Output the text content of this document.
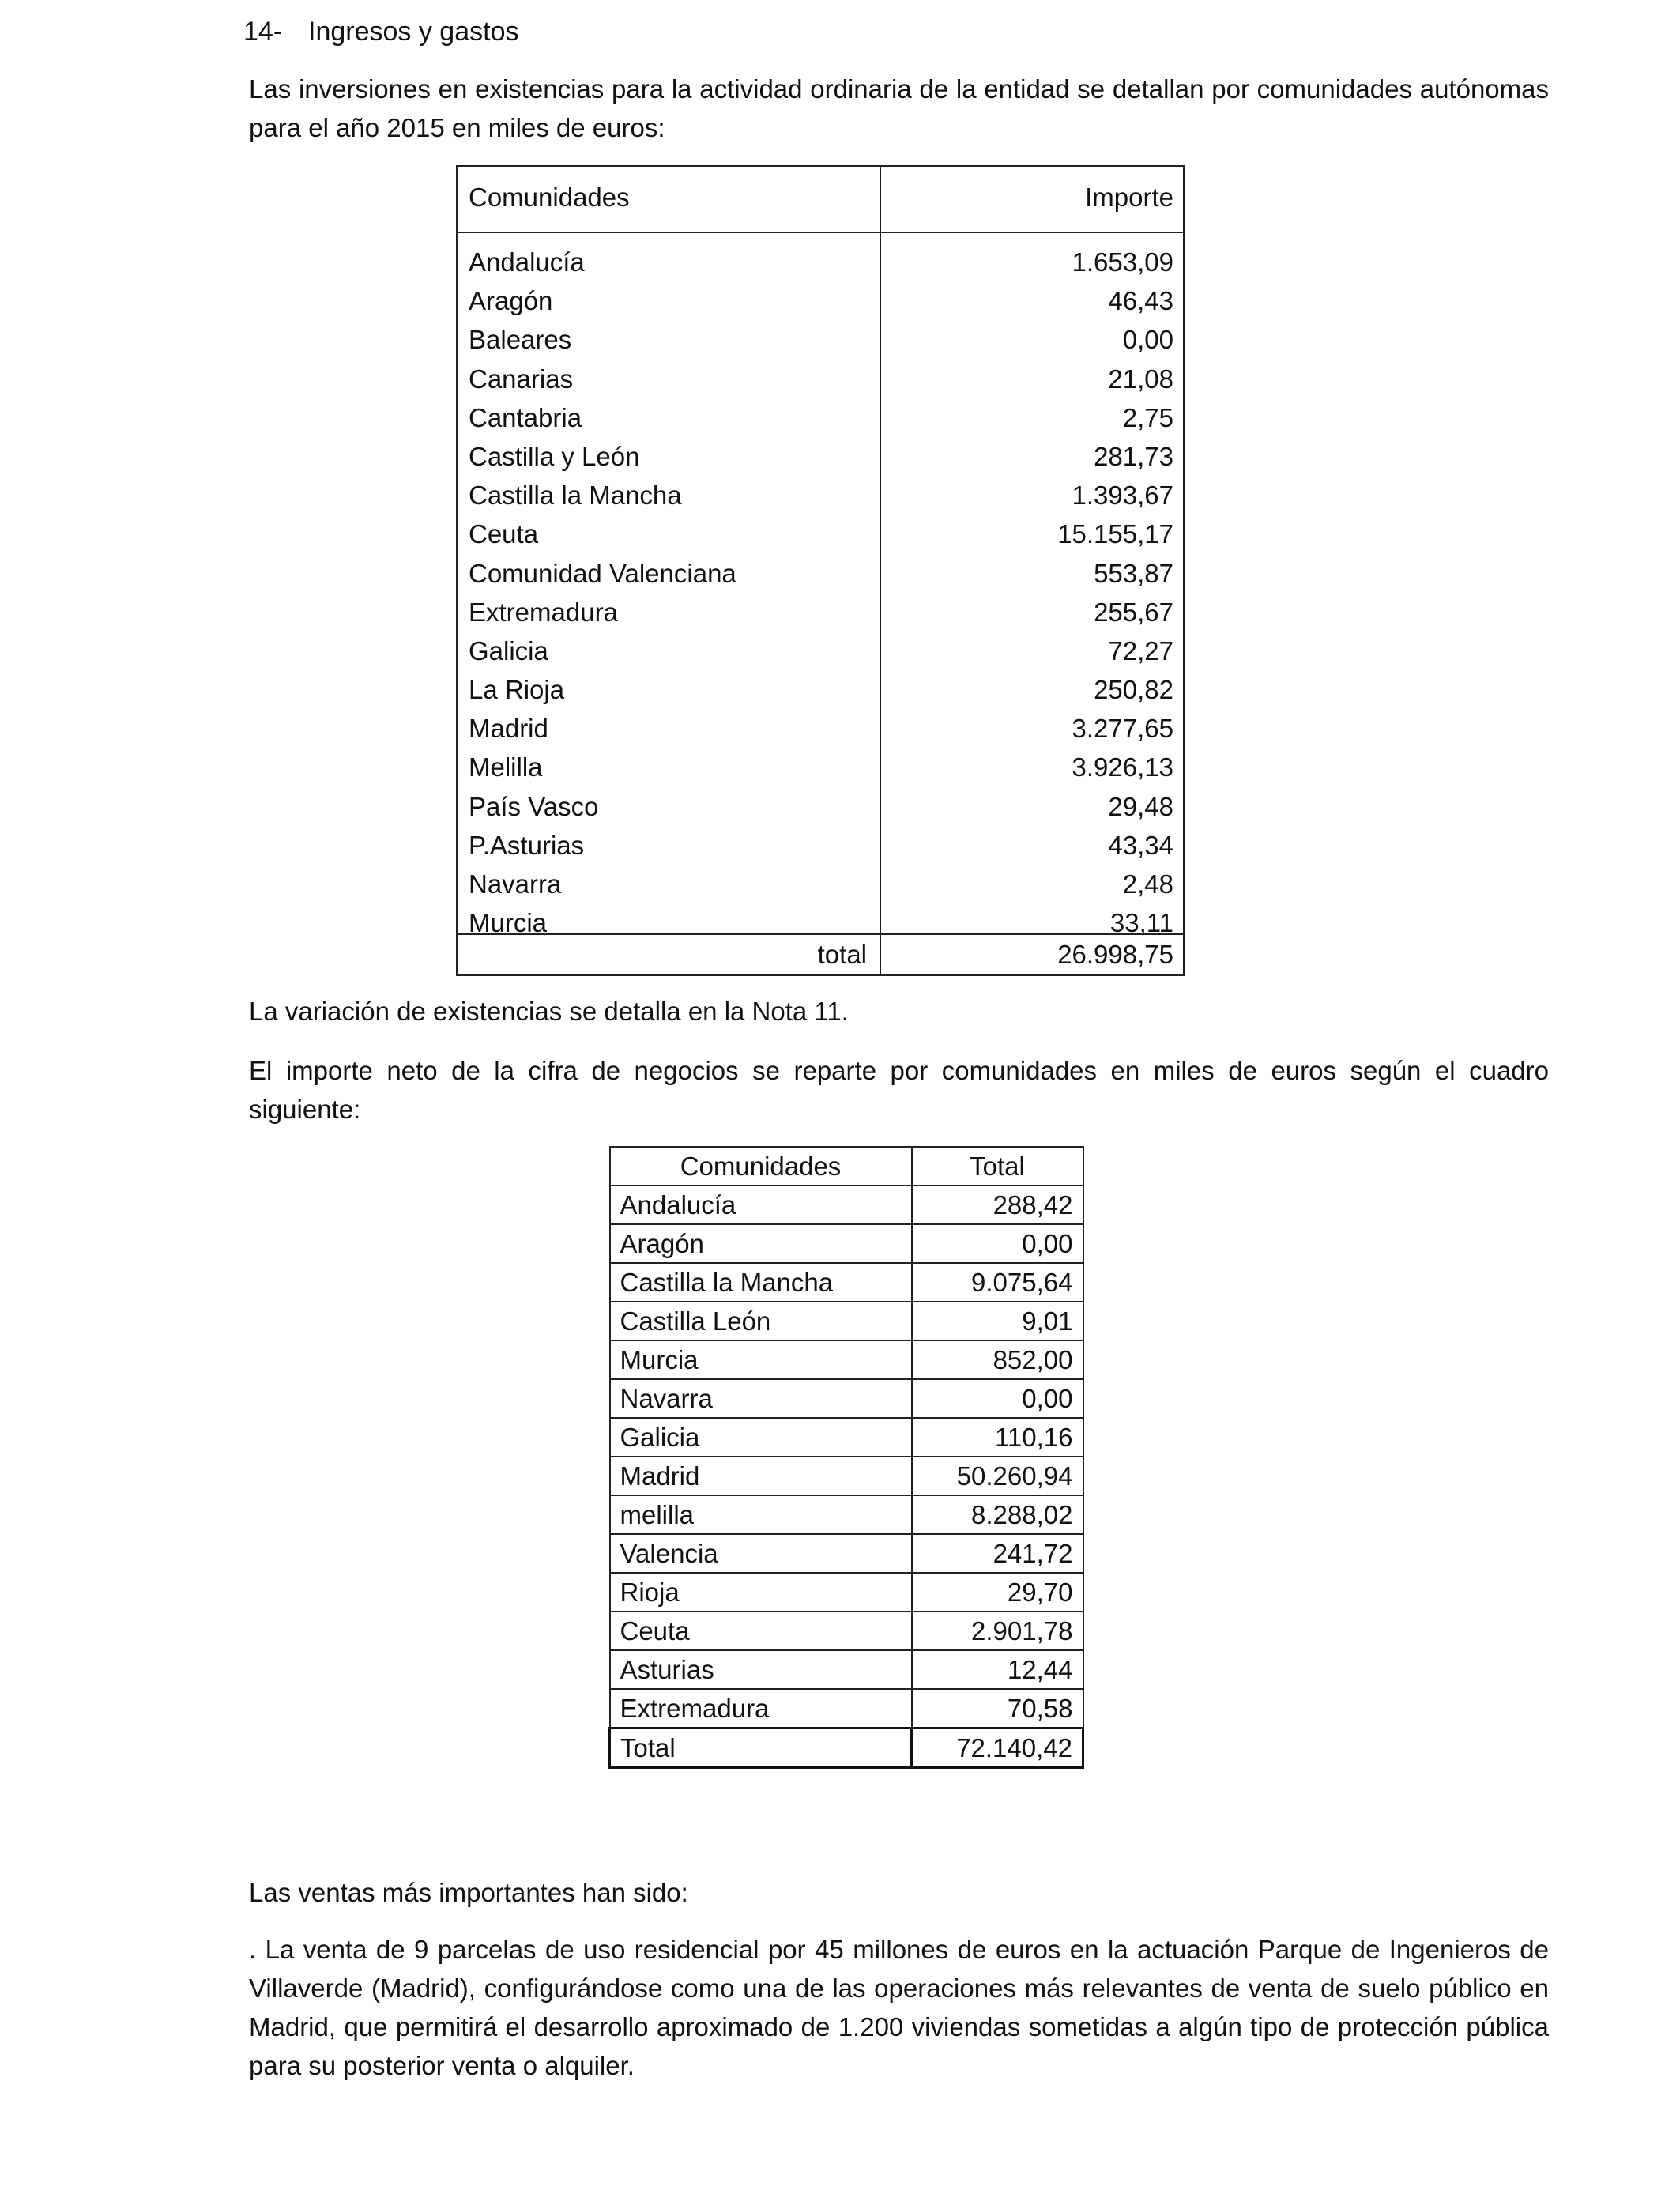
14- Ingresos y gastos

Las inversiones en existencias para la actividad ordinaria de la entidad se detallan por comunidades autónomas para el año 2015 en miles de euros:

Comunidades	Importe
Andalucía	1.653,09
Aragón	46,43
Baleares	0,00
Canarias	21,08
Cantabria	2,75
Castilla y León	281,73
Castilla la Mancha	1.393,67
Ceuta	15.155,17
Comunidad Valenciana	553,87
Extremadura	255,67
Galicia	72,27
La Rioja	250,82
Madrid	3.277,65
Melilla	3.926,13
País Vasco	29,48
P.Asturias	43,34
Navarra	2,48
Murcia	33,11
total	26.998,75

La variación de existencias se detalla en la Nota 11.

El importe neto de la cifra de negocios se reparte por comunidades en miles de euros según el cuadro siguiente:

Comunidades	Total
Andalucía	288,42
Aragón	0,00
Castilla la Mancha	9.075,64
Castilla León	9,01
Murcia	852,00
Navarra	0,00
Galicia	110,16
Madrid	50.260,94
melilla	8.288,02
Valencia	241,72
Rioja	29,70
Ceuta	2.901,78
Asturias	12,44
Extremadura	70,58
Total	72.140,42

Las ventas más importantes han sido:

. La venta de 9 parcelas de uso residencial por 45 millones de euros en la actuación Parque de Ingenieros de Villaverde (Madrid), configurándose como una de las operaciones más relevantes de venta de suelo público en Madrid, que permitirá el desarrollo aproximado de 1.200 viviendas sometidas a algún tipo de protección pública para su posterior venta o alquiler.
